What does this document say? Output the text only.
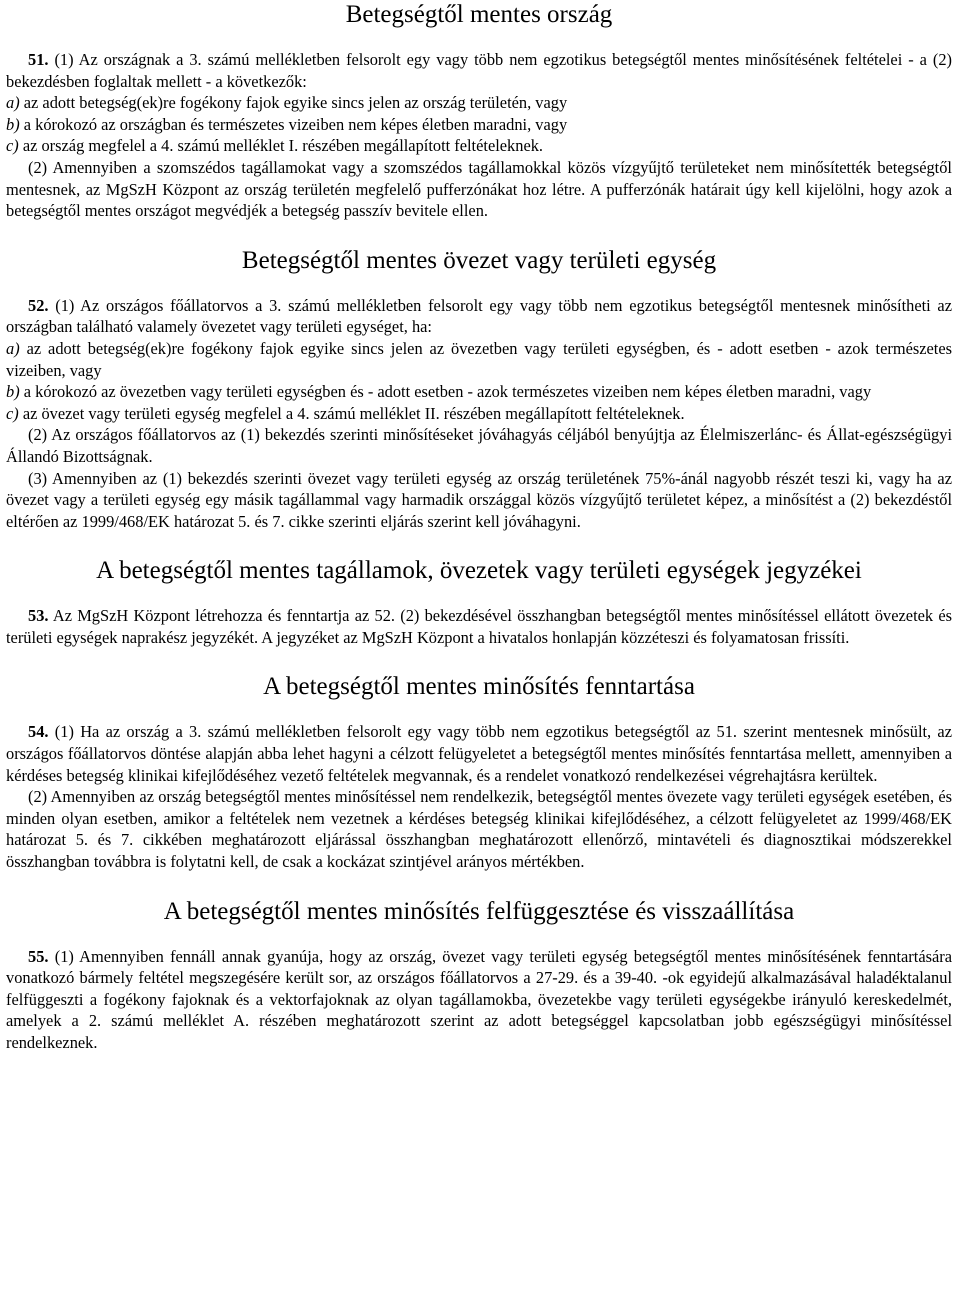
Betegségtől mentes ország

51. (1) Az országnak a 3. számú mellékletben felsorolt egy vagy több nem egzotikus betegségtől mentes minősítésének feltételei - a (2) bekezdésben foglaltak mellett - a következők:

a) az adott betegség(ek)re fogékony fajok egyike sincs jelen az ország területén, vagy

b) a kórokozó az országban és természetes vizeiben nem képes életben maradni, vagy

c) az ország megfelel a 4. számú melléklet I. részében megállapított feltételeknek.

(2) Amennyiben a szomszédos tagállamokat vagy a szomszédos tagállamokkal közös vízgyűjtő területeket nem minősítették betegségtől mentesnek, az MgSzH Központ az ország területén megfelelő pufferzónákat hoz létre. A pufferzónák határait úgy kell kijelölni, hogy azok a betegségtől mentes országot megvédjék a betegség passzív bevitele ellen.

Betegségtől mentes övezet vagy területi egység

52. (1) Az országos főállatorvos a 3. számú mellékletben felsorolt egy vagy több nem egzotikus betegségtől mentesnek minősítheti az országban található valamely övezetet vagy területi egységet, ha:

a) az adott betegség(ek)re fogékony fajok egyike sincs jelen az övezetben vagy területi egységben, és - adott esetben - azok természetes vizeiben, vagy

b) a kórokozó az övezetben vagy területi egységben és - adott esetben - azok természetes vizeiben nem képes életben maradni, vagy

c) az övezet vagy területi egység megfelel a 4. számú melléklet II. részében megállapított feltételeknek.

(2) Az országos főállatorvos az (1) bekezdés szerinti minősítéseket jóváhagyás céljából benyújtja az Élelmiszerlánc- és Állat-egészségügyi Állandó Bizottságnak.

(3) Amennyiben az (1) bekezdés szerinti övezet vagy területi egység az ország területének 75%-ánál nagyobb részét teszi ki, vagy ha az övezet vagy a területi egység egy másik tagállammal vagy harmadik országgal közös vízgyűjtő területet képez, a minősítést a (2) bekezdéstől eltérően az 1999/468/EK határozat 5. és 7. cikke szerinti eljárás szerint kell jóváhagyni.

A betegségtől mentes tagállamok, övezetek vagy területi egységek jegyzékei

53. Az MgSzH Központ létrehozza és fenntartja az 52. (2) bekezdésével összhangban betegségtől mentes minősítéssel ellátott övezetek és területi egységek naprakész jegyzékét. A jegyzéket az MgSzH Központ a hivatalos honlapján közzéteszi és folyamatosan frissíti.

A betegségtől mentes minősítés fenntartása

54. (1) Ha az ország a 3. számú mellékletben felsorolt egy vagy több nem egzotikus betegségtől az 51. szerint mentesnek minősült, az országos főállatorvos döntése alapján abba lehet hagyni a célzott felügyeletet a betegségtől mentes minősítés fenntartása mellett, amennyiben a kérdéses betegség klinikai kifejlődéséhez vezető feltételek megvannak, és a rendelet vonatkozó rendelkezései végrehajtásra kerültek.

(2) Amennyiben az ország betegségtől mentes minősítéssel nem rendelkezik, betegségtől mentes övezete vagy területi egységek esetében, és minden olyan esetben, amikor a feltételek nem vezetnek a kérdéses betegség klinikai kifejlődéséhez, a célzott felügyeletet az 1999/468/EK határozat 5. és 7. cikkében meghatározott eljárással összhangban meghatározott ellenőrző, mintavételi és diagnosztikai módszerekkel összhangban továbbra is folytatni kell, de csak a kockázat szintjével arányos mértékben.

A betegségtől mentes minősítés felfüggesztése és visszaállítása

55. (1) Amennyiben fennáll annak gyanúja, hogy az ország, övezet vagy területi egység betegségtől mentes minősítésének fenntartására vonatkozó bármely feltétel megszegésére került sor, az országos főállatorvos a 27-29. és a 39-40. -ok egyidejű alkalmazásával haladéktalanul felfüggeszti a fogékony fajoknak és a vektorfajoknak az olyan tagállamokba, övezetekbe vagy területi egységekbe irányuló kereskedelmét, amelyek a 2. számú melléklet A. részében meghatározott szerint az adott betegséggel kapcsolatban jobb egészségügyi minősítéssel rendelkeznek.
